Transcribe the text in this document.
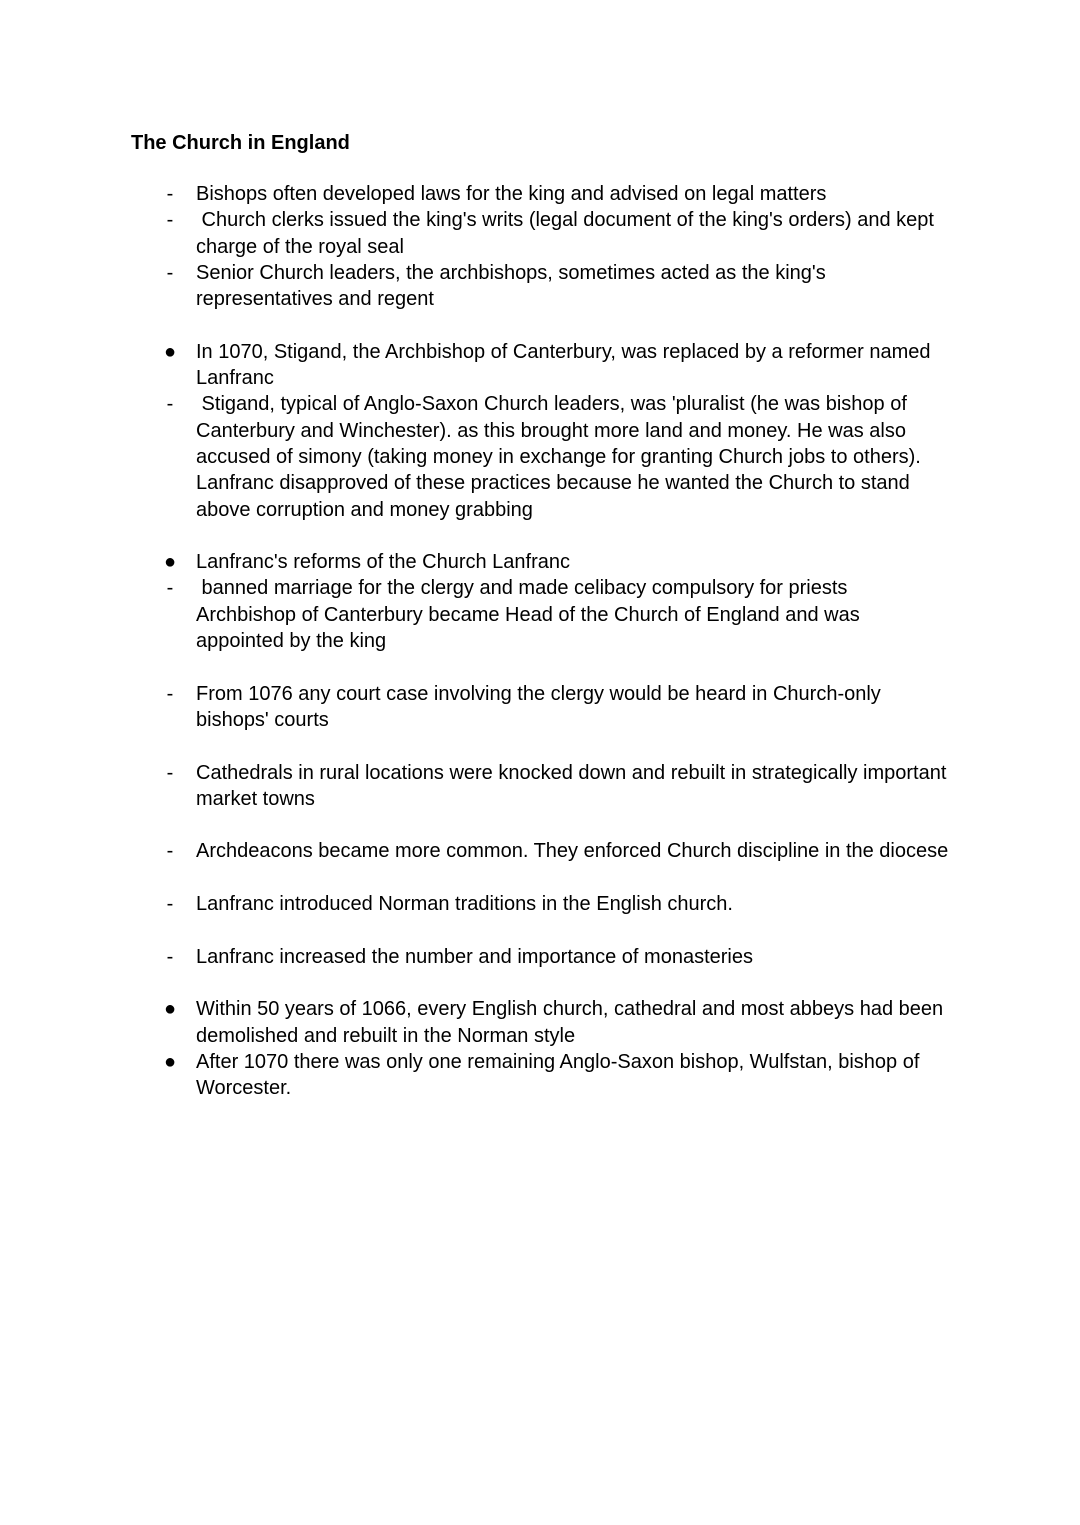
The Church in England
-	Bishops often developed laws for the king and advised on legal matters
-	Church clerks issued the king's writs (legal document of the king's orders) and kept
charge of the royal seal
-	Senior Church leaders, the archbishops, sometimes acted as the king's
representatives and regent
● In 1070, Stigand, the Archbishop of Canterbury, was replaced by a reformer named
Lanfranc
-	Stigand, typical of Anglo-Saxon Church leaders, was 'pluralist (he was bishop of
Canterbury and Winchester). as this brought more land and money. He was also
accused of simony (taking money in exchange for granting Church jobs to others).
Lanfranc disapproved of these practices because he wanted the Church to stand
above corruption and money grabbing
● Lanfranc's reforms of the Church Lanfranc
-	banned marriage for the clergy and made celibacy compulsory for priests
Archbishop of Canterbury became Head of the Church of England and was
appointed by the king
-	From 1076 any court case involving the clergy would be heard in Church-only
bishops' courts
-	Cathedrals in rural locations were knocked down and rebuilt in strategically important
market towns
-	Archdeacons became more common. They enforced Church discipline in the diocese
-	Lanfranc introduced Norman traditions in the English church.
-	Lanfranc increased the number and importance of monasteries
● Within 50 years of 1066, every English church, cathedral and most abbeys had been
demolished and rebuilt in the Norman style
● After 1070 there was only one remaining Anglo-Saxon bishop, Wulfstan, bishop of
Worcester.
